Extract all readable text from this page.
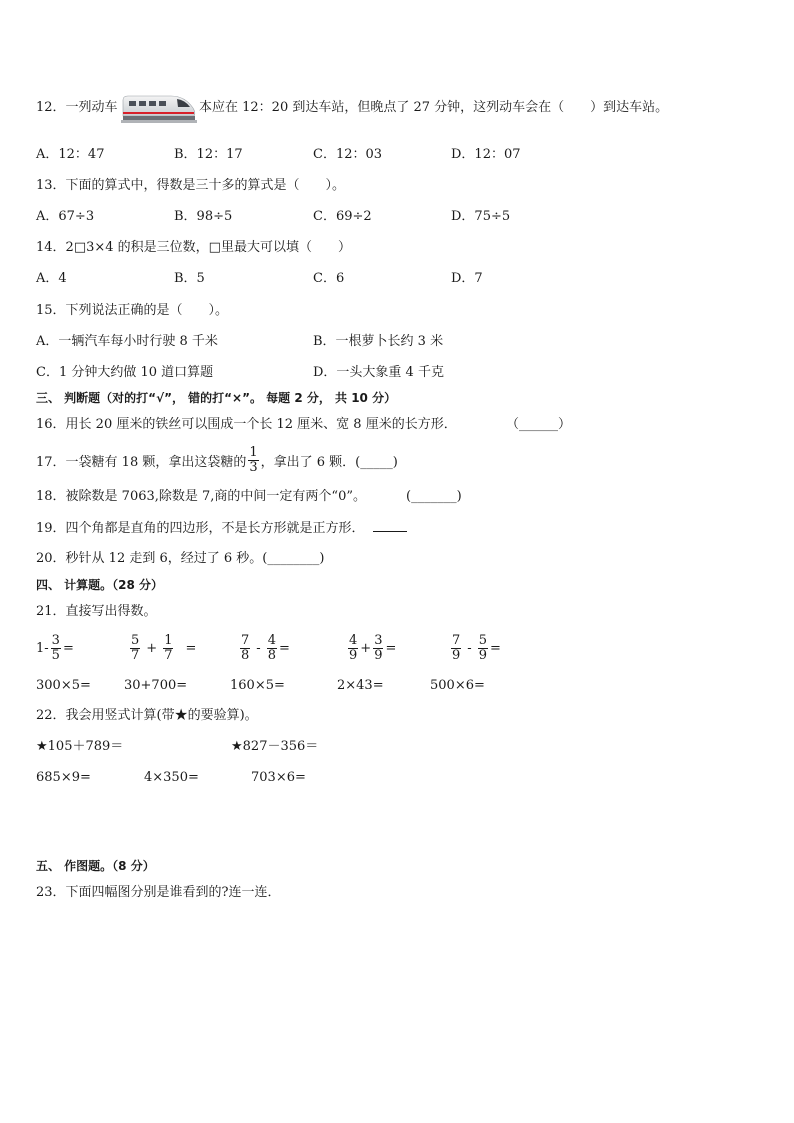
12．一列动车	本应在 12：20 到达车站，但晚点了 27 分钟，这列动车会在（　　）到达车站。
A．12：47	B．12：17	C．12：03	D．12：07
13．下面的算式中，得数是三十多的算式是（　　）。
A．67÷3	B．98÷5	C．69÷2	D．75÷5
14．2□3×4 的积是三位数，□里最大可以填（　　）
A．4	B．5	C．6	D．7
15．下列说法正确的是（　　）。
A．一辆汽车每小时行驶 8 千米	B．一根萝卜长约 3 米
C．1 分钟大约做 10 道口算题	D．一头大象重 4 千克
三、 判断题（对的打“√”， 错的打“×”。 每题 2 分， 共 10 分）
16．用长 20 厘米的铁丝可以围成一个长 12 厘米、宽 8 厘米的长方形．	（______）
17．一袋糖有 18 颗，拿出这袋糖的 $\frac{1}{3}$ ，拿出了 6 颗．(_____)
18．被除数是 7063,除数是 7,商的中间一定有两个“0”。	(_______)
19．四个角都是直角的四边形，不是长方形就是正方形．
20．秒针从 12 走到 6，经过了 6 秒。(________)
四、 计算题。（28 分）
21．直接写出得数。
$1- \frac{3}{5}$ =	$\frac{5}{7} + \frac{1}{7}$ =	$\frac{7}{8} - \frac{4}{8}$ =	$\frac{4}{9} + \frac{3}{9}$ =	$\frac{7}{9} - \frac{5}{9}$ =
300×5=	30+700=	160×5=	2×43=	500×6=
22．我会用竖式计算(带★的要验算)。
★105＋789＝	★827－356＝
685×9=	4×350=	703×6=
五、 作图题。（8 分）
23．下面四幅图分别是谁看到的?连一连．
